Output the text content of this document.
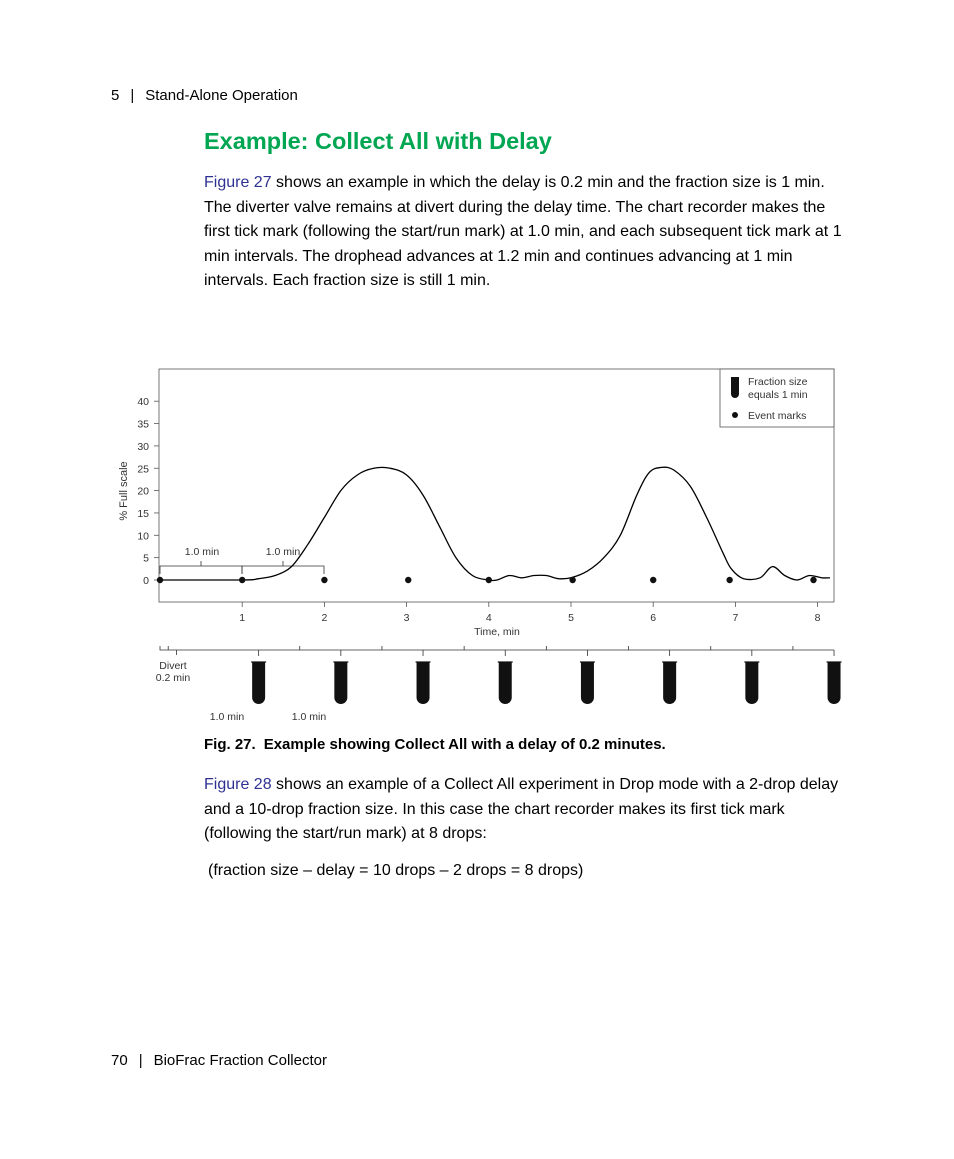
5 | Stand-Alone Operation
Example: Collect All with Delay

Figure 27 shows an example in which the delay is 0.2 min and the fraction size is 1 min. The diverter valve remains at divert during the delay time. The chart recorder makes the first tick mark (following the start/run mark) at 1.0 min, and each subsequent tick mark at 1 min intervals. The drophead advances at 1.2 min and continues advancing at 1 min intervals. Each fraction size is still 1 min.

Fraction size
equals 1 min
Event marks
0
5
10
15
20
25
30
35
40
1	2	3	4	5	6	7	8
% Full scale
Time, min
1.0 min	1.0 min
Divert
0.2 min
1.0 min	1.0 min
Fig. 27. Example showing Collect All with a delay of 0.2 minutes.

Figure 28 shows an example of a Collect All experiment in Drop mode with a 2-drop delay and a 10-drop fraction size. In this case the chart recorder makes its first tick mark (following the start/run mark) at 8 drops:

(fraction size – delay = 10 drops – 2 drops = 8 drops)

70 | BioFrac Fraction Collector
